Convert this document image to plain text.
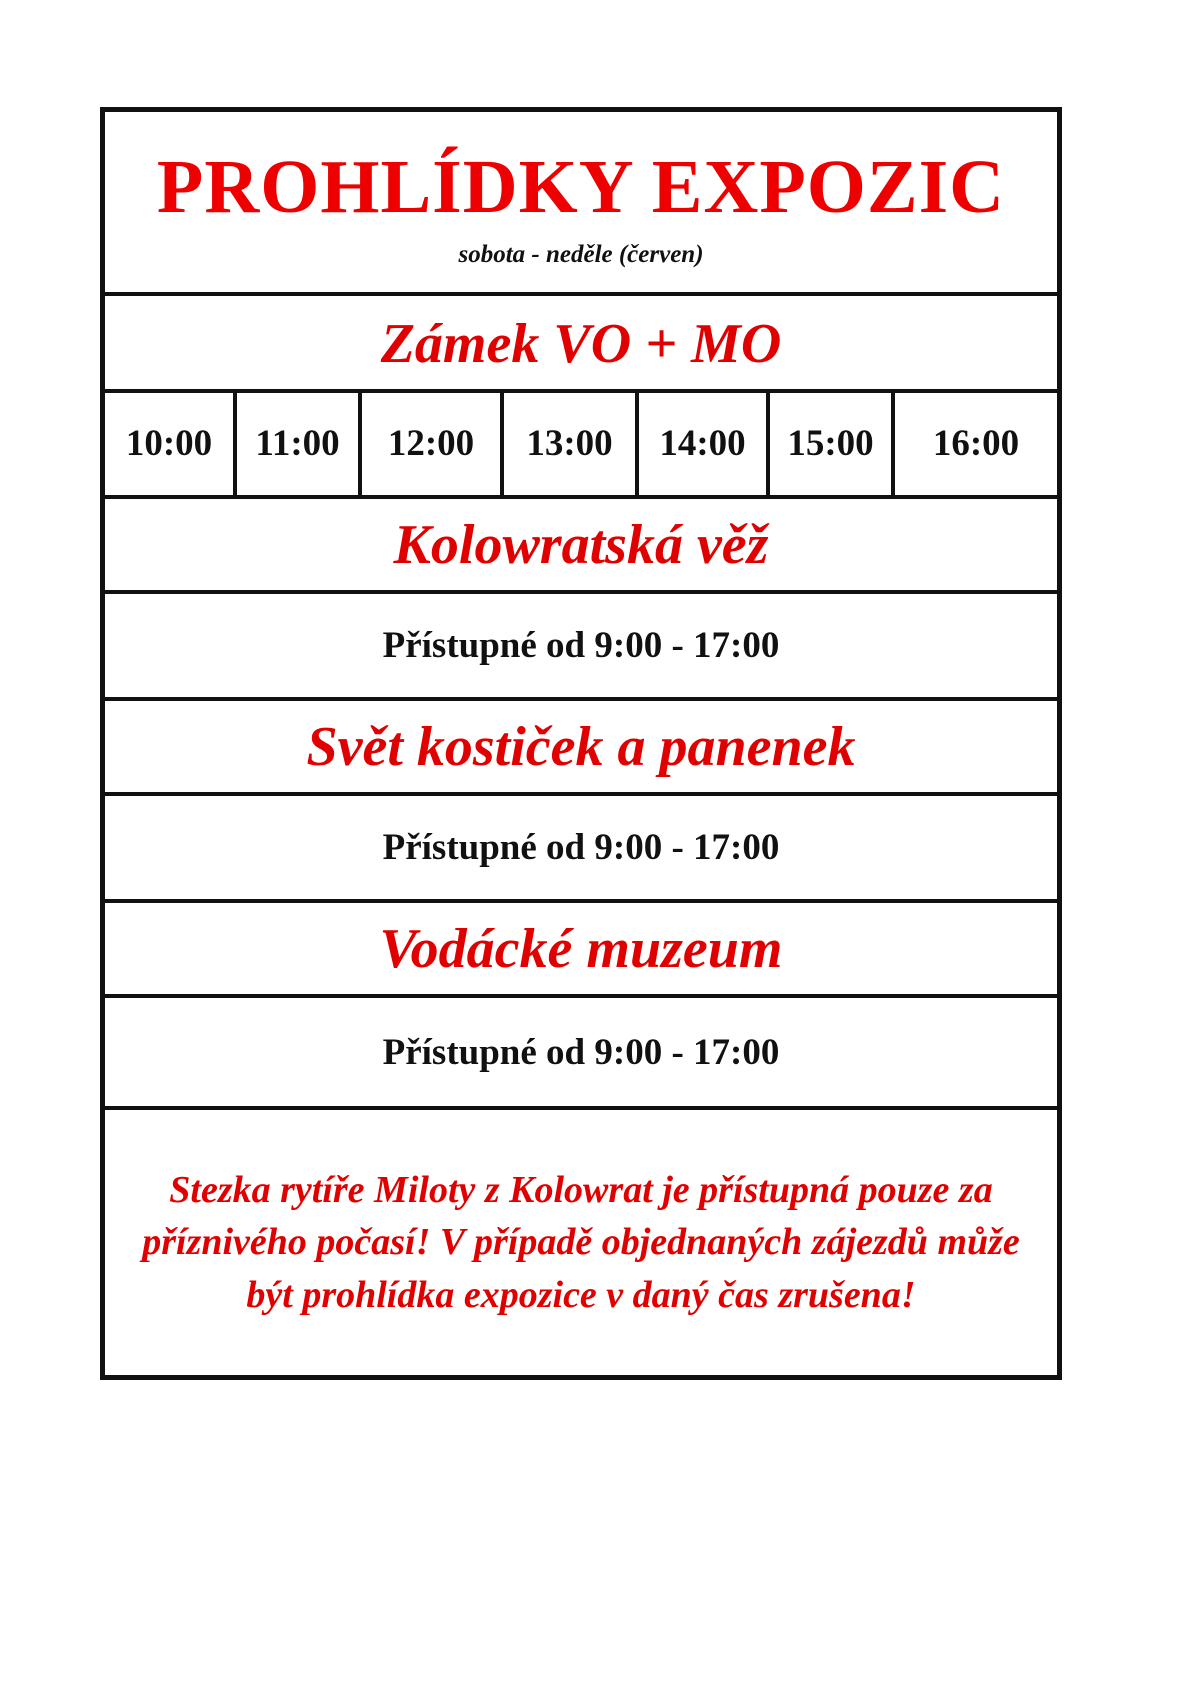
PROHLÍDKY EXPOZIC
sobota - neděle (červen)
Zámek VO + MO
10:00	11:00	12:00	13:00	14:00	15:00	16:00
Kolowratská věž
Přístupné od 9:00 - 17:00
Svět kostiček a panenek
Přístupné od 9:00 - 17:00
Vodácké muzeum
Přístupné od 9:00 - 17:00
Stezka rytíře Miloty z Kolowrat je přístupná pouze za příznivého počasí! V případě objednaných zájezdů může být prohlídka expozice v daný čas zrušena!
